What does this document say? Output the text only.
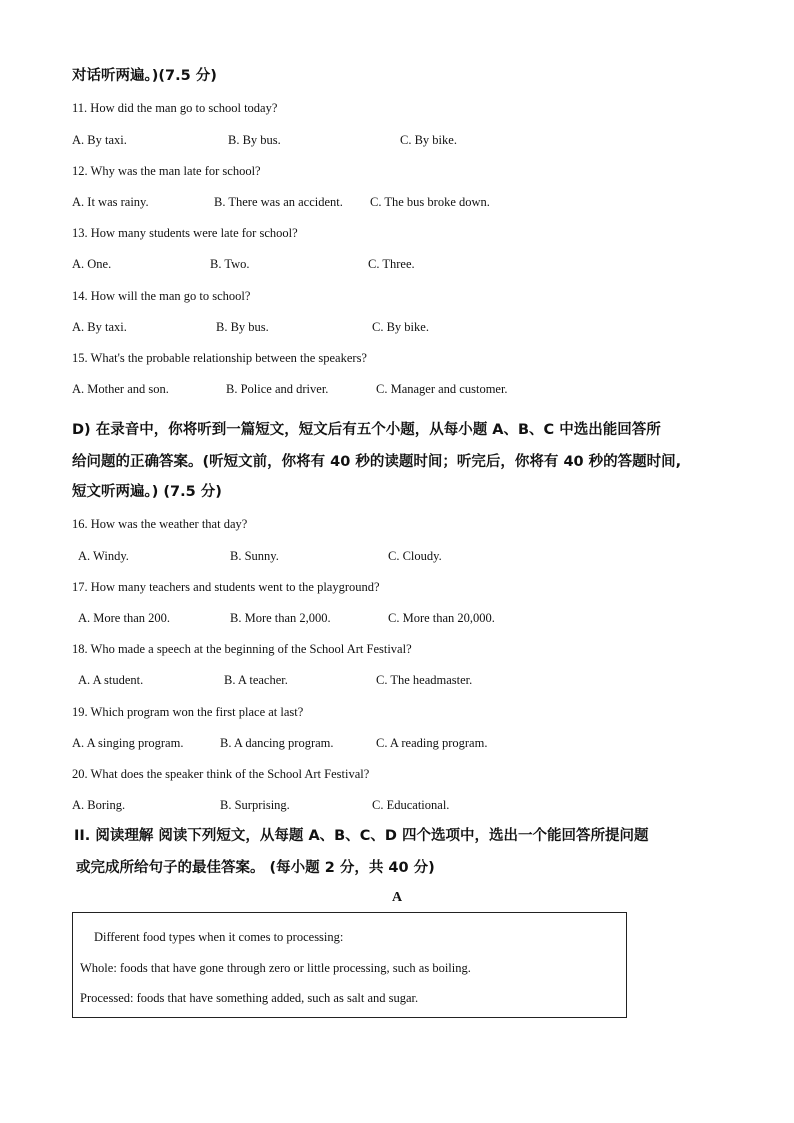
对话听两遍。)(7.5 分)
11. How did the man go to school today?
A. By taxi.	B. By bus.	C. By bike.
12. Why was the man late for school?
A. It was rainy.	B. There was an accident. C. The bus broke down.
13. How many students were late for school?
A. One.	B. Two.	C. Three.
14. How will the man go to school?
A. By taxi.	B. By bus.	C. By bike.
15. What's the probable relationship between the speakers?
A. Mother and son.	B. Police and driver.	C. Manager and customer.
D) 在录音中，你将听到一篇短文，短文后有五个小题，从每小题 A、B、C 中选出能回答所
给问题的正确答案。(听短文前，你将有 40 秒的读题时间；听完后，你将有 40 秒的答题时间,
短文听两遍。) (7.5 分)
16. How was the weather that day?
A. Windy.	B. Sunny.	C. Cloudy.
17. How many teachers and students went to the playground?
A. More than 200.	B. More than 2,000.	C. More than 20,000.
18. Who made a speech at the beginning of the School Art Festival?
A. A student.	B. A teacher.	C. The headmaster.
19. Which program won the first place at last?
A. A singing program.	B. A dancing program.	C. A reading program.
20. What does the speaker think of the School Art Festival?
A. Boring.	B. Surprising.	C. Educational.
II. 阅读理解 阅读下列短文，从每题 A、B、C、D 四个选项中，选出一个能回答所提问题
或完成所给句子的最佳答案。 (每小题 2 分，共 40 分)
A
Different food types when it comes to processing:
Whole: foods that have gone through zero or little processing, such as boiling.
Processed: foods that have something added, such as salt and sugar.
